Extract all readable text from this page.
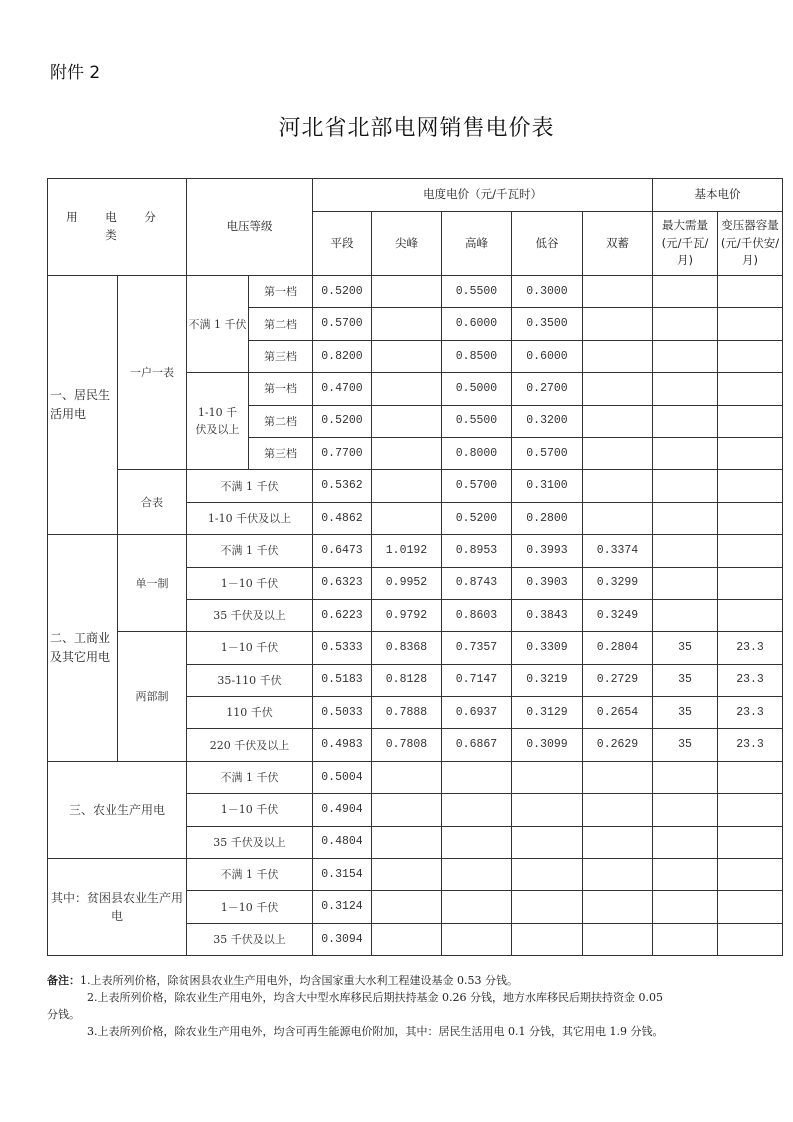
附件 2
河北省北部电网销售电价表
用 电 分 类		电压等级		电度电价（元/千瓦时）					基本电价	
				平段	尖峰	高峰	低谷	双蓄	最大需量(元/千瓦/月)	变压器容量(元/千伏安/月)
一、居民生活用电	一户一表	不满 1 千伏	第一档	0.5200		0.5500	0.3000			
			第二档	0.5700		0.6000	0.3500			
			第三档	0.8200		0.8500	0.6000			
		1-10 千伏及以上	第一档	0.4700		0.5000	0.2700			
			第二档	0.5200		0.5500	0.3200			
			第三档	0.7700		0.8000	0.5700			
	合表	不满 1 千伏		0.5362		0.5700	0.3100			
		1-10 千伏及以上		0.4862		0.5200	0.2800			
二、工商业及其它用电	单一制	不满 1 千伏		0.6473	1.0192	0.8953	0.3993	0.3374		
		1－10 千伏		0.6323	0.9952	0.8743	0.3903	0.3299		
		35 千伏及以上		0.6223	0.9792	0.8603	0.3843	0.3249		
	两部制	1－10 千伏		0.5333	0.8368	0.7357	0.3309	0.2804	35	23.3
		35-110 千伏		0.5183	0.8128	0.7147	0.3219	0.2729	35	23.3
		110 千伏		0.5033	0.7888	0.6937	0.3129	0.2654	35	23.3
		220 千伏及以上		0.4983	0.7808	0.6867	0.3099	0.2629	35	23.3
三、农业生产用电		不满 1 千伏		0.5004						
		1－10 千伏		0.4904						
		35 千伏及以上		0.4804						
其中：贫困县农业生产用电		不满 1 千伏		0.3154						
		1－10 千伏		0.3124						
		35 千伏及以上		0.3094						
备注：1.上表所列价格，除贫困县农业生产用电外，均含国家重大水利工程建设基金 0.53 分钱。
2.上表所列价格，除农业生产用电外，均含大中型水库移民后期扶持基金 0.26 分钱，地方水库移民后期扶持资金 0.05
分钱。
3.上表所列价格，除农业生产用电外，均含可再生能源电价附加，其中：居民生活用电 0.1 分钱，其它用电 1.9 分钱。
